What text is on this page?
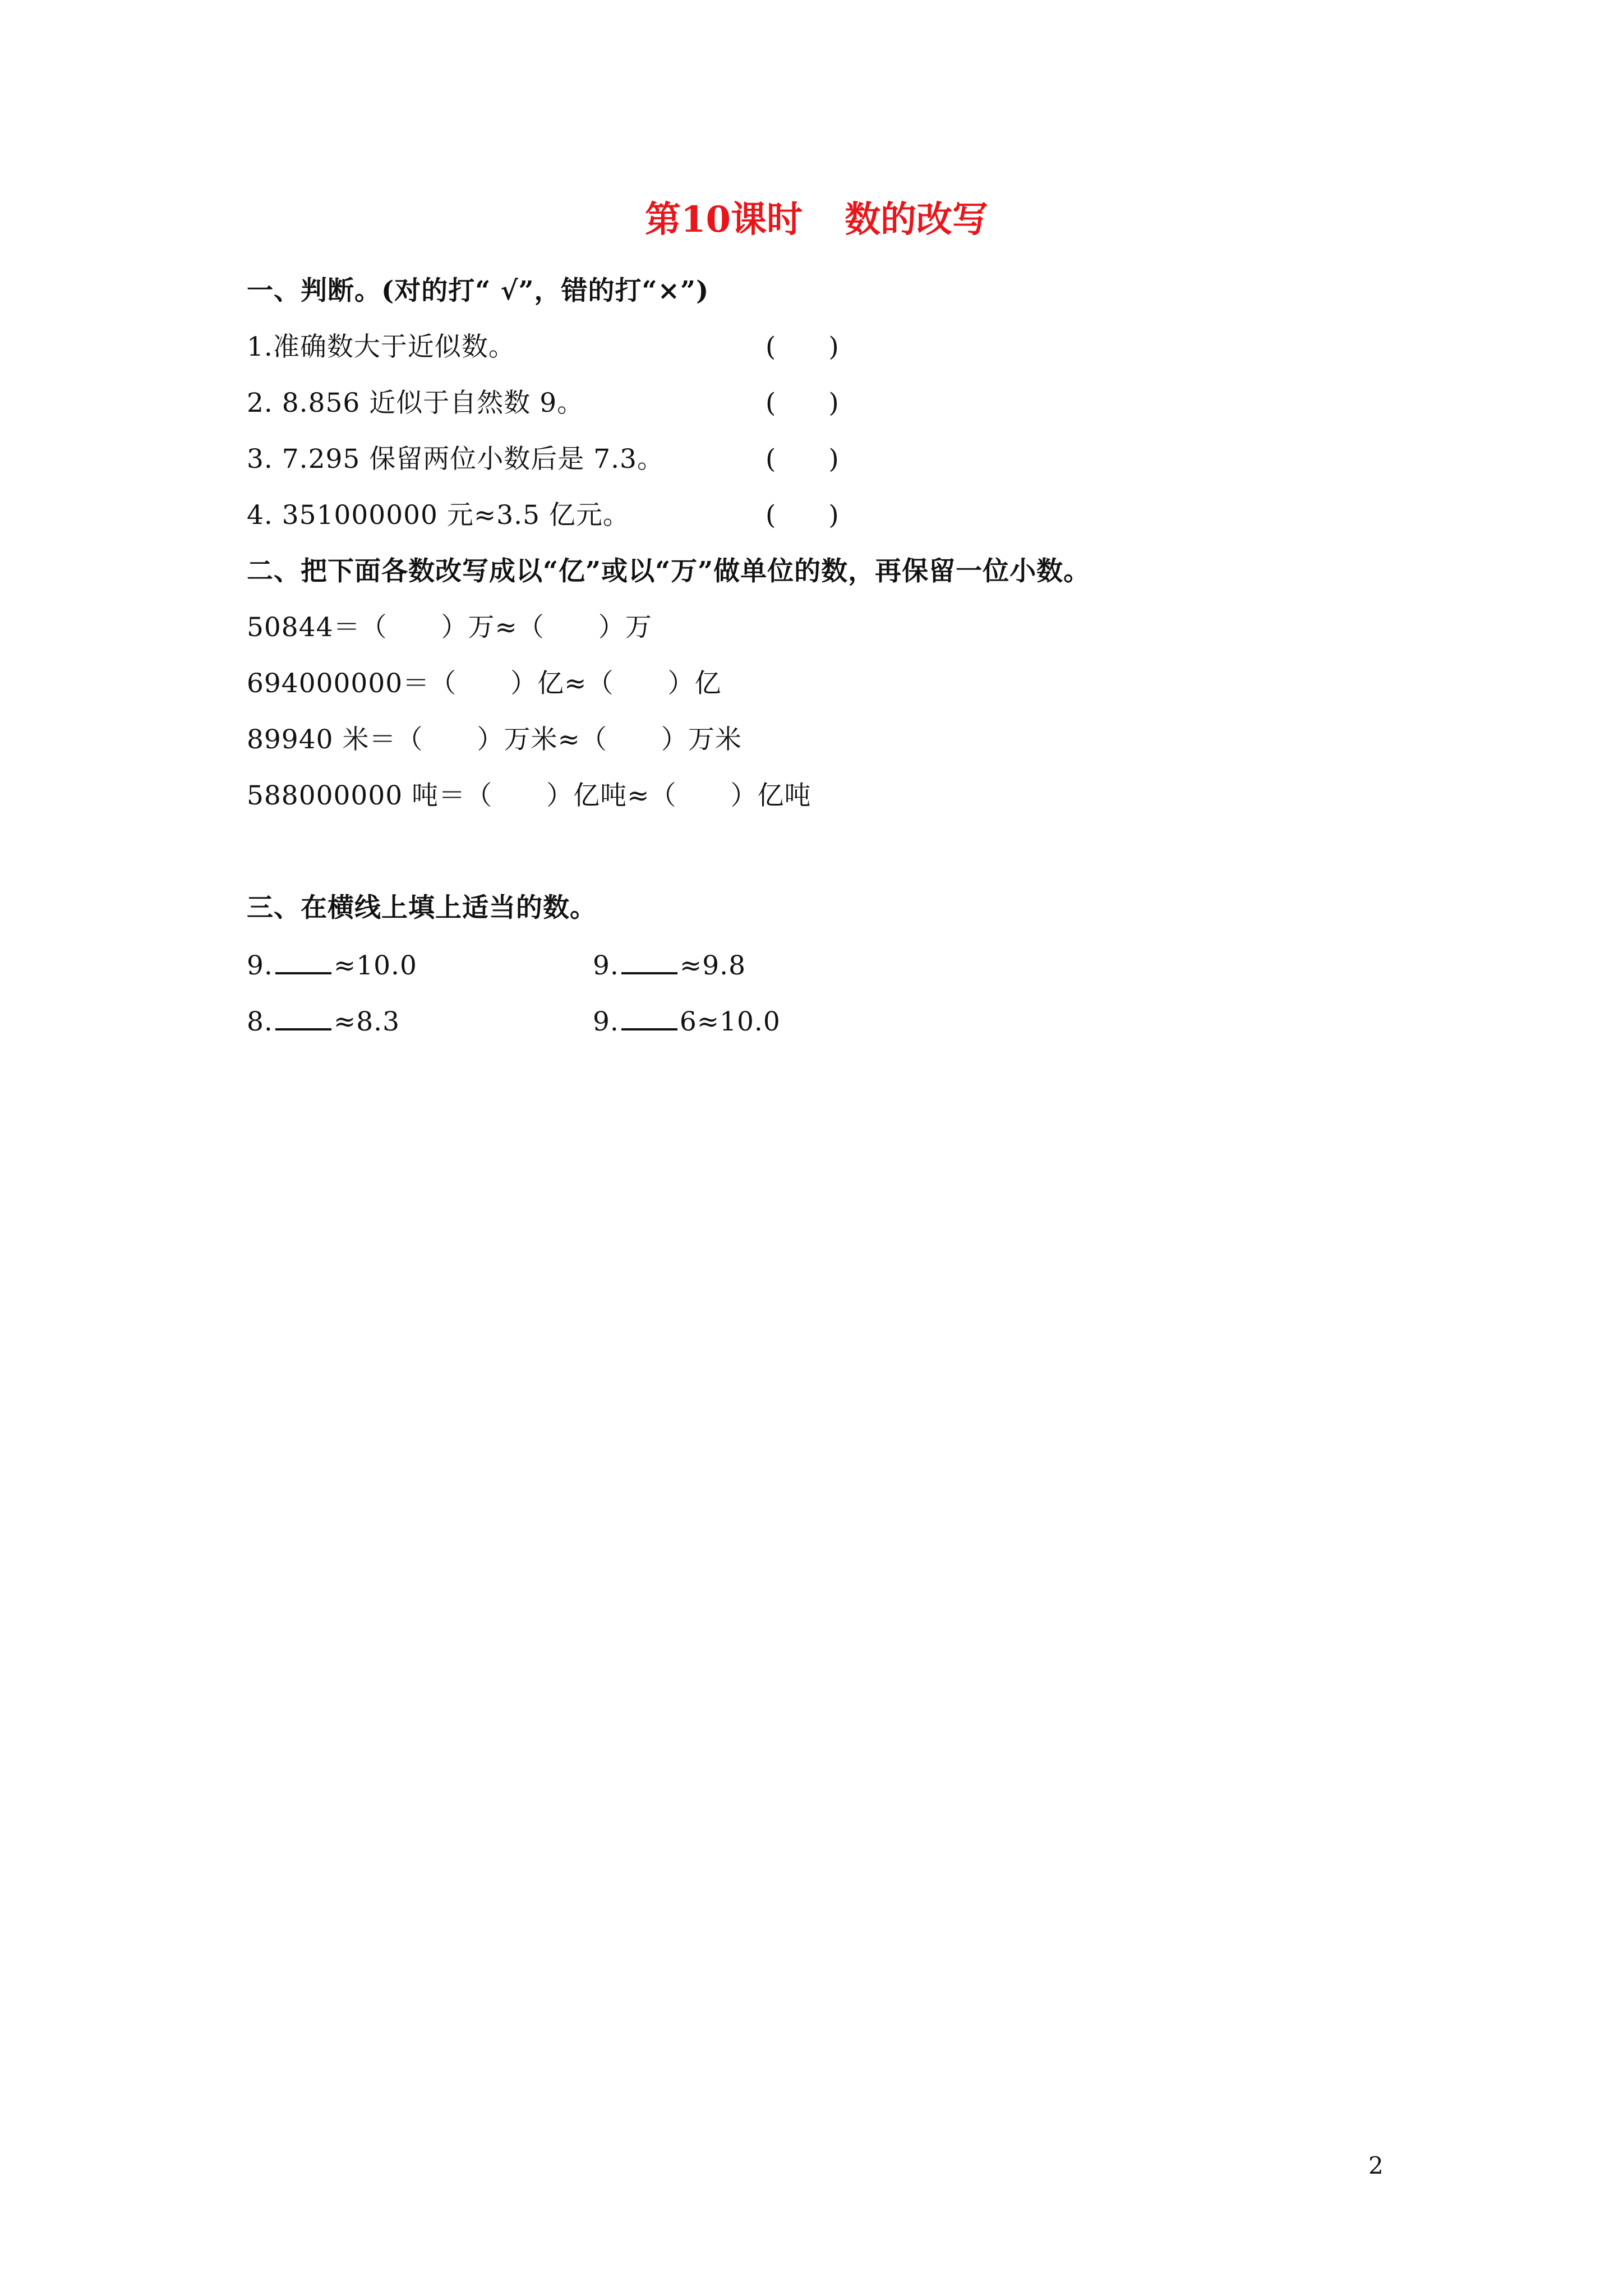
第10课时 数的改写
一、判断。(对的打“ √”，错的打“×”)
1.准确数大于近似数。	(　　)
2. 8.856 近似于自然数 9。	(　　)
3. 7.295 保留两位小数后是 7.3。	(　　)
4. 351000000 元≈3.5 亿元。	(　　)
二、把下面各数改写成以“亿”或以“万”做单位的数，再保留一位小数。
50844＝（　　）万≈（　　）万
694000000＝（　　）亿≈（　　）亿
89940 米＝（　　）万米≈（　　）万米
588000000 吨＝（　　）亿吨≈（　　）亿吨
三、在横线上填上适当的数。
9. ≈10.0	9. ≈9.8
8. ≈8.3	9. 6≈10.0
2
